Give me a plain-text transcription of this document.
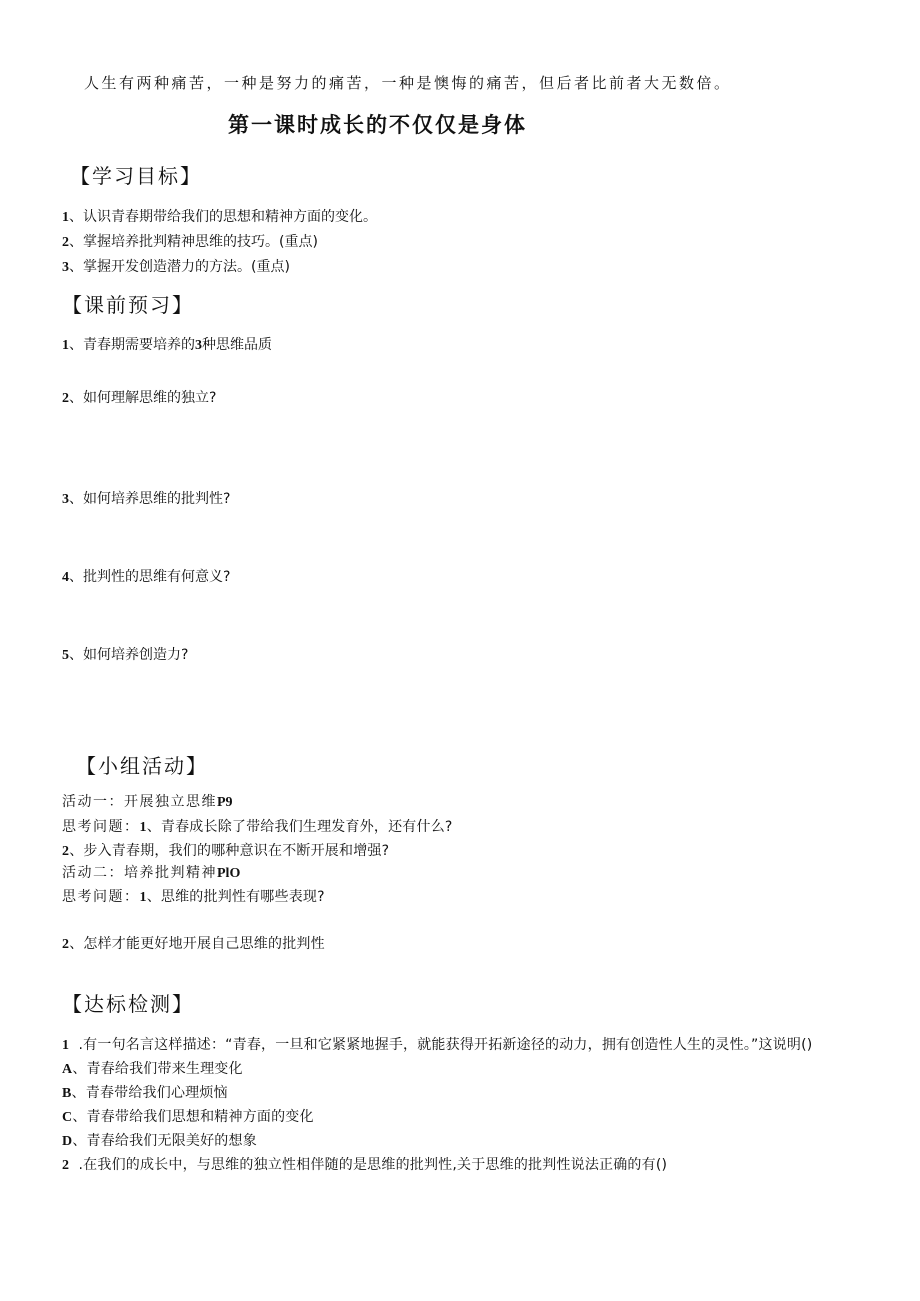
人生有两种痛苦，一种是努力的痛苦，一种是懊悔的痛苦，但后者比前者大无数倍。
第一课时成长的不仅仅是身体
【学习目标】
1、认识青春期带给我们的思想和精神方面的变化。
2、掌握培养批判精神思维的技巧。(重点)
3、掌握开发创造潜力的方法。(重点)
【课前预习】
1、青春期需要培养的3种思维品质
2、如何理解思维的独立?
3、如何培养思维的批判性?
4、批判性的思维有何意义?
5、如何培养创造力?
【小组活动】
活动一：开展独立思维P9
思考问题：1、青春成长除了带给我们生理发育外，还有什么?
2、步入青春期，我们的哪种意识在不断开展和增强?
活动二：培养批判精神PlO
思考问题：1、思维的批判性有哪些表现?
2、怎样才能更好地开展自己思维的批判性
【达标检测】
1 .有一句名言这样描述：“青春，一旦和它紧紧地握手，就能获得开拓新途径的动力，拥有创造性人生的灵性。”这说明()
A、青春给我们带来生理变化
B、青春带给我们心理烦恼
C、青春带给我们思想和精神方面的变化
D、青春给我们无限美好的想象
2 .在我们的成长中，与思维的独立性相伴随的是思维的批判性,关于思维的批判性说法正确的有()
